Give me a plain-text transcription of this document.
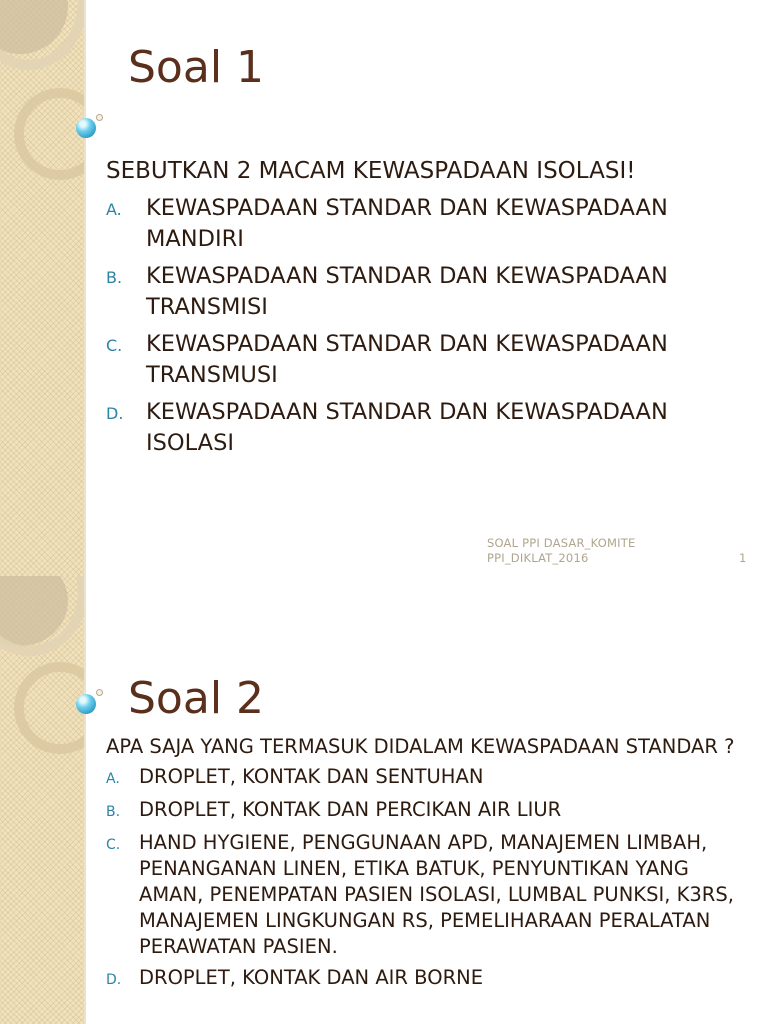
Soal 1

SEBUTKAN 2 MACAM KEWASPADAAN ISOLASI!

A.	KEWASPADAAN STANDAR DAN KEWASPADAAN MANDIRI
B.	KEWASPADAAN STANDAR DAN KEWASPADAAN TRANSMISI
C.	KEWASPADAAN STANDAR DAN KEWASPADAAN TRANSMUSI
D.	KEWASPADAAN STANDAR DAN KEWASPADAAN ISOLASI
SOAL PPI DASAR_KOMITE PPI_DIKLAT_2016	1
Soal 2

APA SAJA YANG TERMASUK DIDALAM KEWASPADAAN STANDAR ?

A. DROPLET, KONTAK DAN SENTUHAN
B. DROPLET, KONTAK DAN PERCIKAN AIR LIUR
C. HAND HYGIENE, PENGGUNAAN APD, MANAJEMEN LIMBAH, PENANGANAN LINEN, ETIKA BATUK, PENYUNTIKAN YANG AMAN, PENEMPATAN PASIEN ISOLASI, LUMBAL PUNKSI, K3RS, MANAJEMEN LINGKUNGAN RS, PEMELIHARAAN PERALATAN PERAWATAN PASIEN.
D. DROPLET, KONTAK DAN AIR BORNE
